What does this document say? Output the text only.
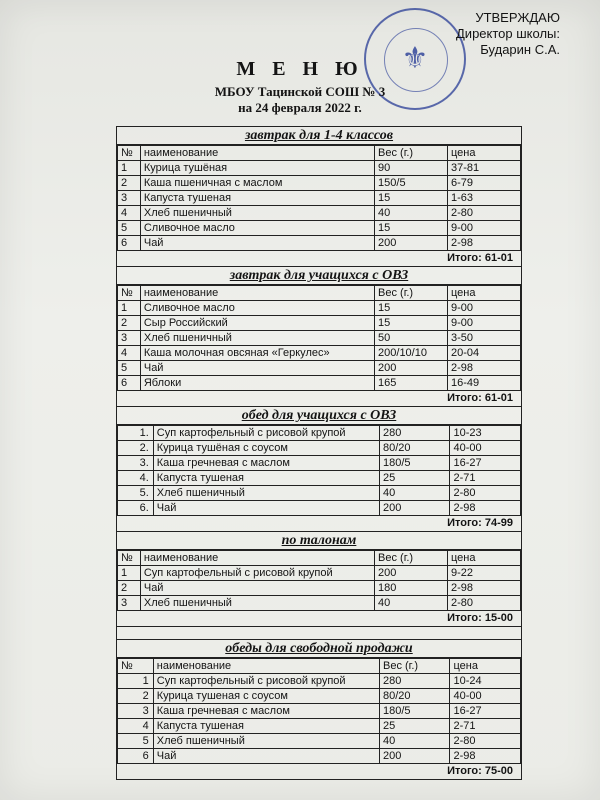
⚜
УТВЕРЖДАЮ
Директор школы:
Бударин С.А.
М Е Н Ю
МБОУ Тацинской СОШ № 3
на 24 февраля 2022 г.
завтрак для 1-4 классов
№	наименование	Вес (г.)	цена
1	Курица тушёная	90	37-81
2	Каша пшеничная с маслом	150/5	6-79
3	Капуста тушеная	15	1-63
4	Хлеб пшеничный	40	2-80
5	Сливочное масло	15	9-00
6	Чай	200	2-98
Итого: 61-01
завтрак для учащихся с ОВЗ
№	наименование	Вес (г.)	цена
1	Сливочное масло	15	9-00
2	Сыр Российский	15	9-00
3	Хлеб пшеничный	50	3-50
4	Каша молочная овсяная «Геркулес»	200/10/10	20-04
5	Чай	200	2-98
6	Яблоки	165	16-49
Итого: 61-01
обед для учащихся с ОВЗ
1.	Суп картофельный с рисовой крупой	280	10-23
2.	Курица тушёная с соусом	80/20	40-00
3.	Каша гречневая с маслом	180/5	16-27
4.	Капуста тушеная	25	2-71
5.	Хлеб пшеничный	40	2-80
6.	Чай	200	2-98
Итого: 74-99
по талонам
№	наименование	Вес (г.)	цена
1	Суп картофельный с рисовой крупой	200	9-22
2	Чай	180	2-98
3	Хлеб пшеничный	40	2-80
Итого: 15-00
обеды для свободной продажи
№	наименование	Вес (г.)	цена
1	Суп картофельный с рисовой крупой	280	10-24
2	Курица тушеная с соусом	80/20	40-00
3	Каша гречневая с маслом	180/5	16-27
4	Капуста тушеная	25	2-71
5	Хлеб пшеничный	40	2-80
6	Чай	200	2-98
Итого: 75-00
